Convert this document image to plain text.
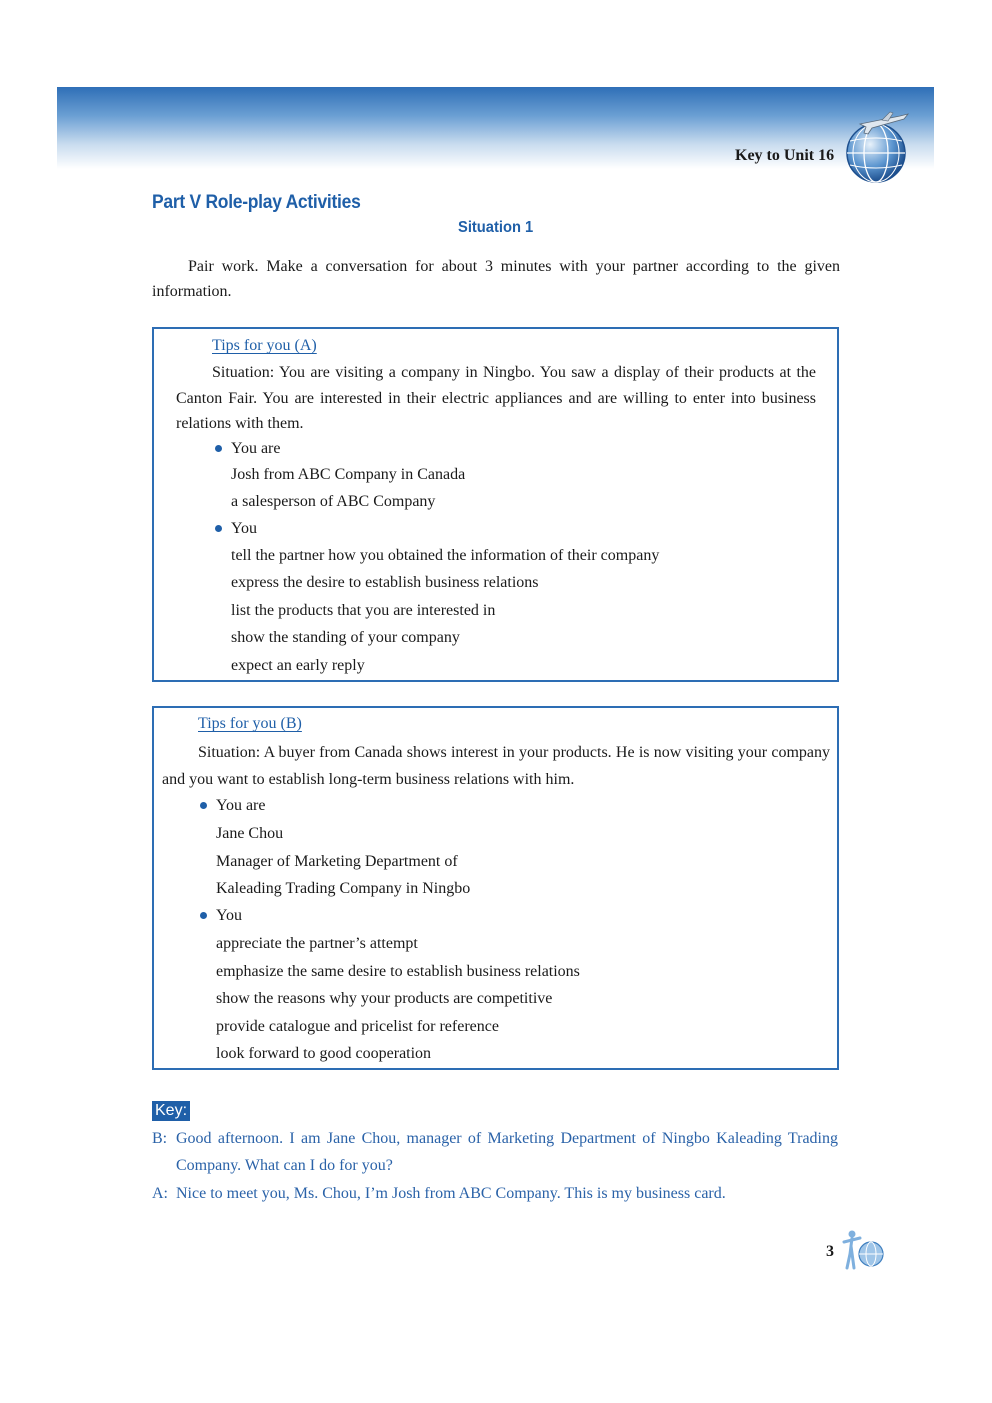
Key to Unit 16
Part V Role-play Activities
Situation 1
Pair work. Make a conversation for about 3 minutes with your partner according to the given information.
Tips for you (A)
Situation: You are visiting a company in Ningbo. You saw a display of their products at the Canton Fair. You are interested in their electric appliances and are willing to enter into business relations with them.
You are
Josh from ABC Company in Canada
a salesperson of ABC Company
You
tell the partner how you obtained the information of their company
express the desire to establish business relations
list the products that you are interested in
show the standing of your company
expect an early reply
Tips for you (B)
Situation: A buyer from Canada shows interest in your products. He is now visiting your company and you want to establish long-term business relations with him.
You are
Jane Chou
Manager of Marketing Department of
Kaleading Trading Company in Ningbo
You
appreciate the partner’s attempt
emphasize the same desire to establish business relations
show the reasons why your products are competitive
provide catalogue and pricelist for reference
look forward to good cooperation
Key:
B: Good afternoon. I am Jane Chou, manager of Marketing Department of Ningbo Kaleading Trading Company. What can I do for you?
A: Nice to meet you, Ms. Chou, I’m Josh from ABC Company. This is my business card.
3
